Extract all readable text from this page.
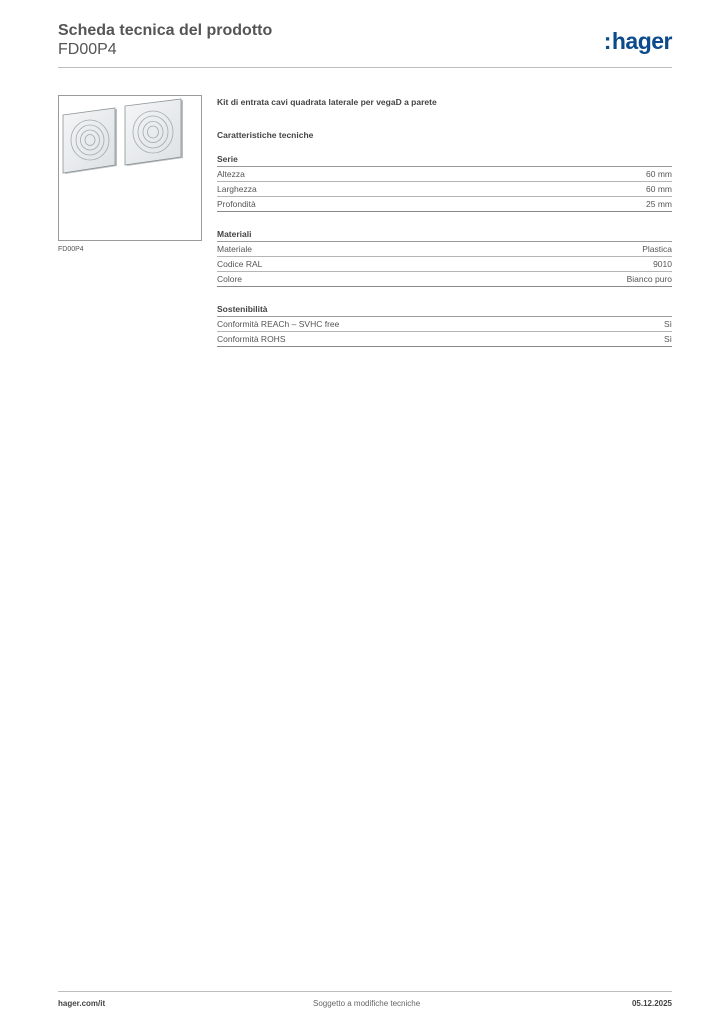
Scheda tecnica del prodotto
FD00P4	:hager
FD00P4

Kit di entrata cavi quadrata laterale per vegaD a parete

Caratteristiche tecniche

Serie
Altezza	60 mm
Larghezza	60 mm
Profondità	25 mm
Materiali
Materiale	Plastica
Codice RAL	9010
Colore	Bianco puro
Sostenibilità
Conformità REACh – SVHC free	Sì
Conformità ROHS	Sì
hager.com/it	Soggetto a modifiche tecniche	05.12.2025
